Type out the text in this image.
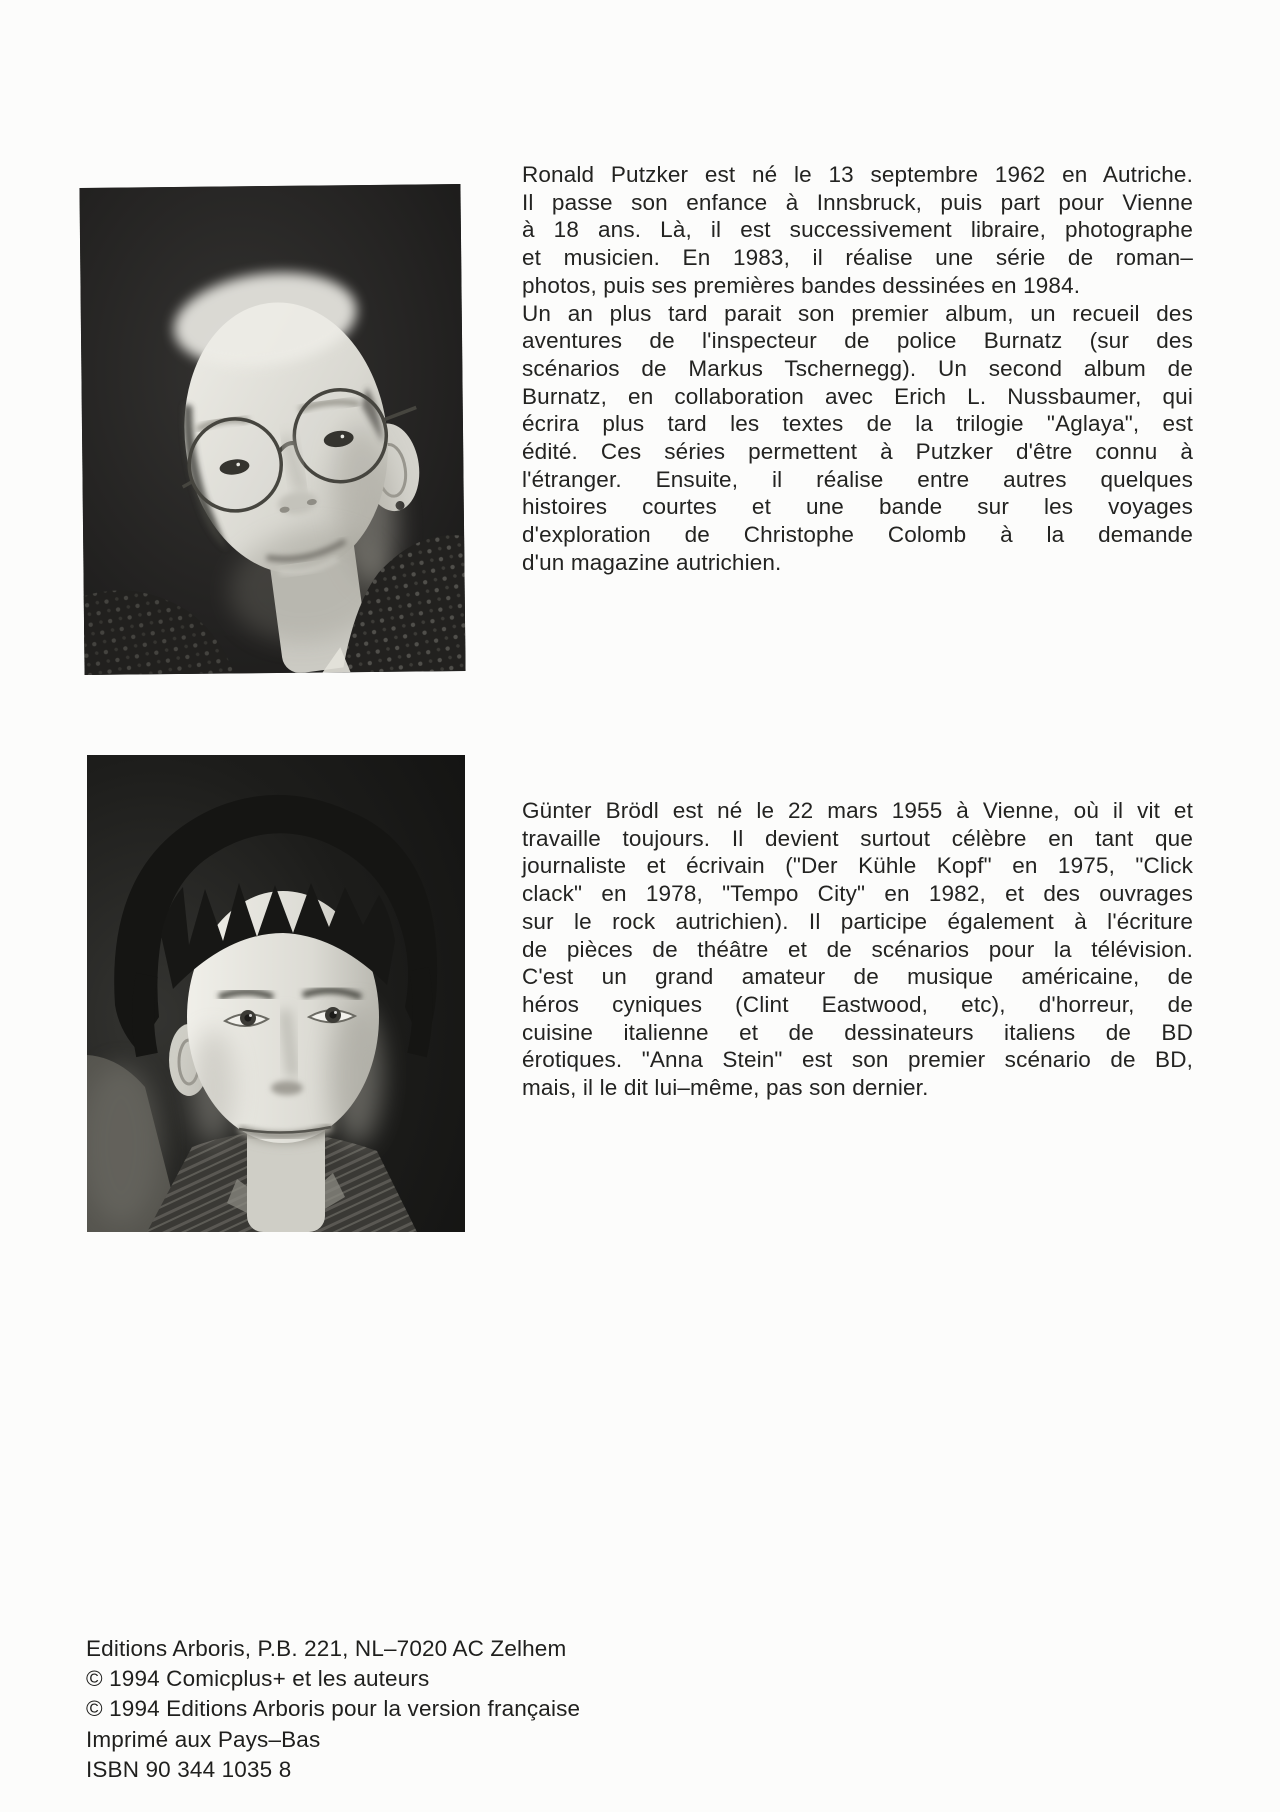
Ronald Putzker est né le 13 septembre 1962 en Autriche.
Il passe son enfance à Innsbruck, puis part pour Vienne
à 18 ans. Là, il est successivement libraire, photographe
et musicien. En 1983, il réalise une série de roman–
photos, puis ses premières bandes dessinées en 1984.
Un an plus tard parait son premier album, un recueil des
aventures de l'inspecteur de police Burnatz (sur des
scénarios de Markus Tschernegg). Un second album de
Burnatz, en collaboration avec Erich L. Nussbaumer, qui
écrira plus tard les textes de la trilogie "Aglaya", est
édité. Ces séries permettent à Putzker d'être connu à
l'étranger. Ensuite, il réalise entre autres quelques
histoires courtes et une bande sur les voyages
d'exploration de Christophe Colomb à la demande
d'un magazine autrichien.
Günter Brödl est né le 22 mars 1955 à Vienne, où il vit et
travaille toujours. Il devient surtout célèbre en tant que
journaliste et écrivain ("Der Kühle Kopf" en 1975, "Click
clack" en 1978, "Tempo City" en 1982, et des ouvrages
sur le rock autrichien). Il participe également à l'écriture
de pièces de théâtre et de scénarios pour la télévision.
C'est un grand amateur de musique américaine, de
héros cyniques (Clint Eastwood, etc), d'horreur, de
cuisine italienne et de dessinateurs italiens de BD
érotiques. "Anna Stein" est son premier scénario de BD,
mais, il le dit lui–même, pas son dernier.
Editions Arboris, P.B. 221, NL–7020 AC Zelhem
© 1994 Comicplus+ et les auteurs
© 1994 Editions Arboris pour la version française
Imprimé aux Pays–Bas
ISBN 90 344 1035 8
